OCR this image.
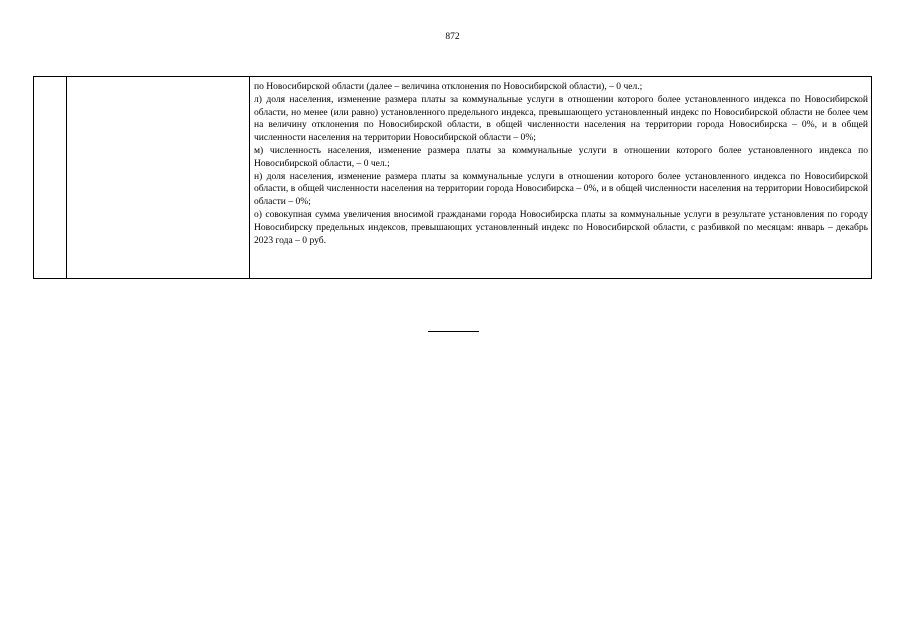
872

по Новосибирской области (далее – величина отклонения по Новосибирской области), – 0 чел.;

л) доля населения, изменение размера платы за коммунальные услуги в отношении которого более установленного индекса по Новосибирской области, но менее (или равно) установленного предельного индекса, превышающего установленный индекс по Новосибирской области не более чем на величину отклонения по Новосибирской области, в общей численности населения на территории города Новосибирска – 0%, и в общей численности населения на территории Новосибирской области – 0%;

м) численность населения, изменение размера платы за коммунальные услуги в отношении которого более установленного индекса по Новосибирской области, – 0 чел.;

н) доля населения, изменение размера платы за коммунальные услуги в отношении которого более установленного индекса по Новосибирской области, в общей численности населения на территории города Новосибирска – 0%, и в общей численности населения на территории Новосибирской области – 0%;

о) совокупная сумма увеличения вносимой гражданами города Новосибирска платы за коммунальные услуги в результате установления по городу Новосибирску предельных индексов, превышающих установленный индекс по Новосибирской области, с разбивкой по месяцам: январь – декабрь 2023 года – 0 руб.
